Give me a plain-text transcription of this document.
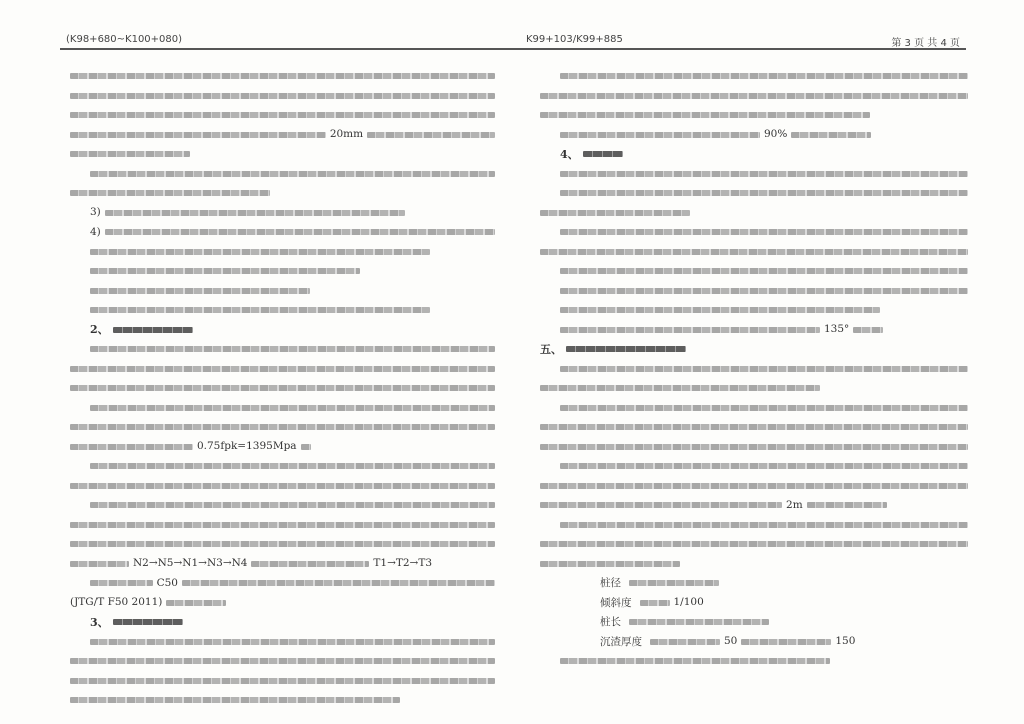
(K98+680~K100+080)	K99+103/K99+885	第 3 页 共 4 页
20mm
3)
4)
2、
0.75fpk=1395Mpa
N2→N5→N1→N3→N4	T1→T2→T3
C50
(JTG/T F50 2011)
3、
90%
4、
135°
五、
2m
桩径
倾斜度	1/100
桩长
沉渣厚度	50	150
